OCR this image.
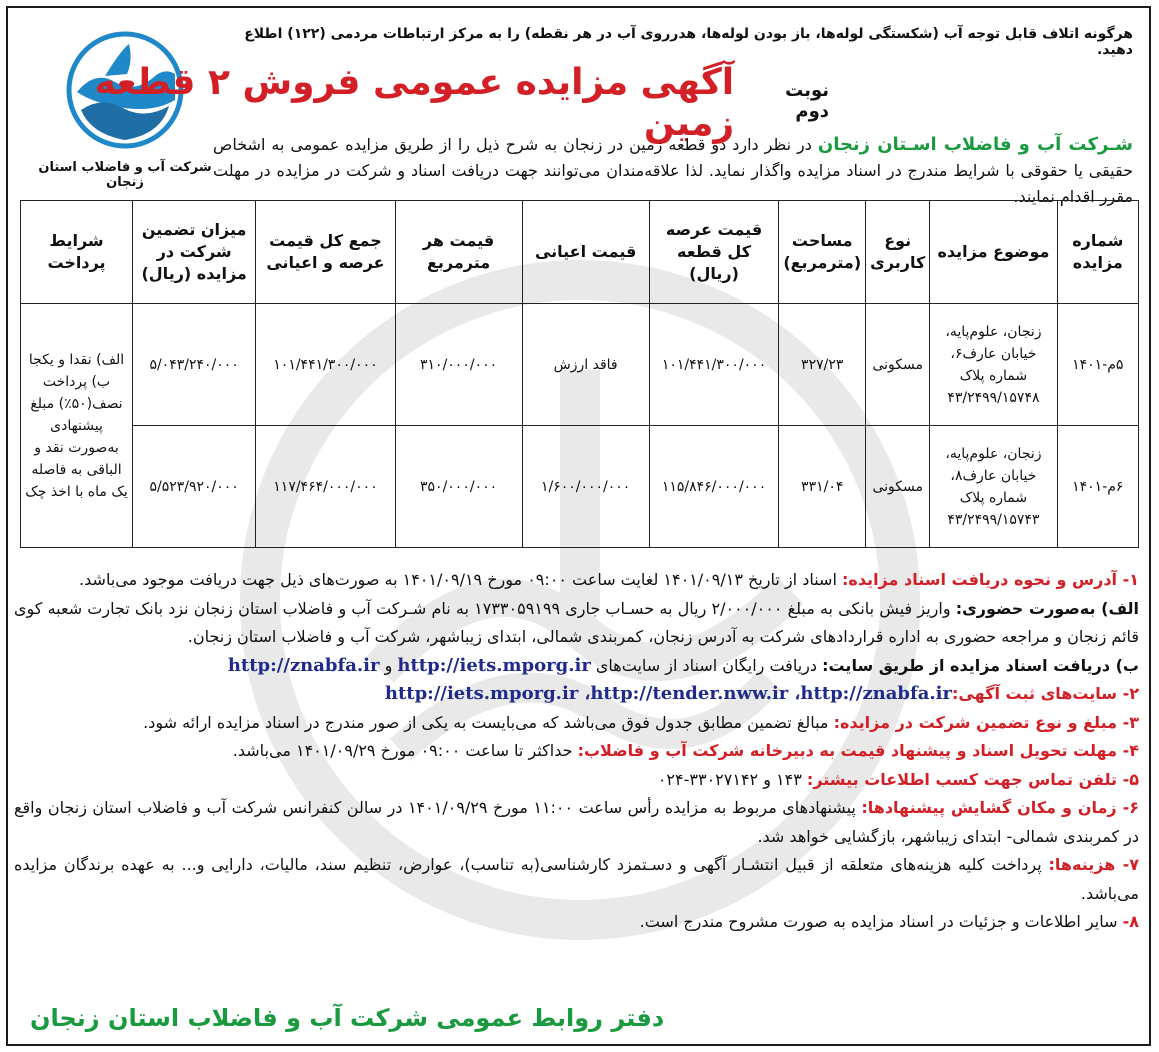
هرگونه اتلاف قابل توجه آب (شکستگی لوله‌ها، باز بودن لوله‌ها، هدرروی آب در هر نقطه) را به مرکز ارتباطات مردمی (۱۲۲) اطلاع دهید.
شرکت آب و فاضلاب استان زنجان
نوبت دوم
آگهی مزایده عمومی فروش ۲ قطعه زمین
شـرکت آب و فاضلاب اسـتان زنجان در نظر دارد دو قطعه زمین در زنجان به شرح ذیل را از طریق مزایده عمومی به اشخاص حقیقی یا حقوقی با شرایط مندرج در اسناد مزایده واگذار نماید. لذا علاقه‌مندان می‌توانند جهت دریافت اسناد و شرکت در مزایده در مهلت مقرر اقدام نمایند.
شماره مزایده	موضوع مزایده	نوع کاربری	مساحت (مترمربع)	قیمت عرصه کل قطعه (ریال)	قیمت اعیانی	قیمت هر مترمربع	جمع کل قیمت عرصه و اعیانی	میزان تضمین شرکت در مزایده (ریال)	شرایط پرداخت
۵م-۱۴۰۱	زنجان، علوم‌پایه، خیابان عارف۶، شماره پلاک ۴۳/۲۴۹۹/۱۵۷۴۸	مسکونی	۳۲۷/۲۳	۱۰۱/۴۴۱/۳۰۰/۰۰۰	فاقد ارزش	۳۱۰/۰۰۰/۰۰۰	۱۰۱/۴۴۱/۳۰۰/۰۰۰	۵/۰۴۳/۲۴۰/۰۰۰	الف) نقدا و یکجا ب) پرداخت نصف(۵۰٪) مبلغ پیشنهادی به‌صورت نقد و الباقی به فاصله یک ماه با اخذ چک
۶م-۱۴۰۱	زنجان، علوم‌پایه، خیابان عارف۸، شماره پلاک ۴۳/۲۴۹۹/۱۵۷۴۳	مسکونی	۳۳۱/۰۴	۱۱۵/۸۴۶/۰۰۰/۰۰۰	۱/۶۰۰/۰۰۰/۰۰۰	۳۵۰/۰۰۰/۰۰۰	۱۱۷/۴۶۴/۰۰۰/۰۰۰	۵/۵۲۳/۹۲۰/۰۰۰	

۱- آدرس و نحوه دریافت اسناد مزایده: اسناد از تاریخ ۱۴۰۱/۰۹/۱۳ لغایت ساعت ۰۹:۰۰ مورخ ۱۴۰۱/۰۹/۱۹ به صورت‌های ذیل جهت دریافت موجود می‌باشد.

الف) به‌صورت حضوری: واریز فیش بانکی به مبلغ ۲/۰۰۰/۰۰۰ ریال به حسـاب جاری ۱۷۳۳۰۵۹۱۹۹ به نام شـرکت آب و فاضلاب استان زنجان نزد بانک تجارت شعبه کوی قائم زنجان و مراجعه حضوری به اداره قراردادهای شرکت به آدرس زنجان، کمربندی شمالی، ابتدای زیباشهر، شرکت آب و فاضلاب استان زنجان.

ب) دریافت اسناد مزایده از طریق سایت: دریافت رایگان اسناد از سایت‌های http://iets.mporg.ir و http://znabfa.ir

۲- سایت‌های ثبت آگهی: http://iets.mporg.ir ،http://tender.nww.ir ،http://znabfa.ir

۳- مبلغ و نوع تضمین شرکت در مزایده: مبالغ تضمین مطابق جدول فوق می‌باشد که می‌بایست به یکی از صور مندرج در اسناد مزایده ارائه شود.

۴- مهلت تحویل اسناد و پیشنهاد قیمت به دبیرخانه شرکت آب و فاضلاب: حداکثر تا ساعت ۰۹:۰۰ مورخ ۱۴۰۱/۰۹/۲۹ می‌باشد.

۵- تلفن تماس جهت کسب اطلاعات بیشتر: ۱۴۳ و ۳۳۰۲۷۱۴۲-۰۲۴

۶- زمان و مکان گشایش پیشنهادها: پیشنهادهای مربوط به مزایده رأس ساعت ۱۱:۰۰ مورخ ۱۴۰۱/۰۹/۲۹ در سالن کنفرانس شرکت آب و فاضلاب استان زنجان واقع در کمربندی شمالی- ابتدای زیباشهر، بازگشایی خواهد شد.

۷- هزینه‌ها: پرداخت کلیه هزینه‌های متعلقه از قبیل انتشـار آگهی و دسـتمزد کارشناسی(به تناسب)، عوارض، تنظیم سند، مالیات، دارایی و... به عهده برندگان مزایده می‌باشد.

۸- سایر اطلاعات و جزئیات در اسناد مزایده به صورت مشروح مندرج است.

دفتر روابط عمومی شرکت آب و فاضلاب استان زنجان
